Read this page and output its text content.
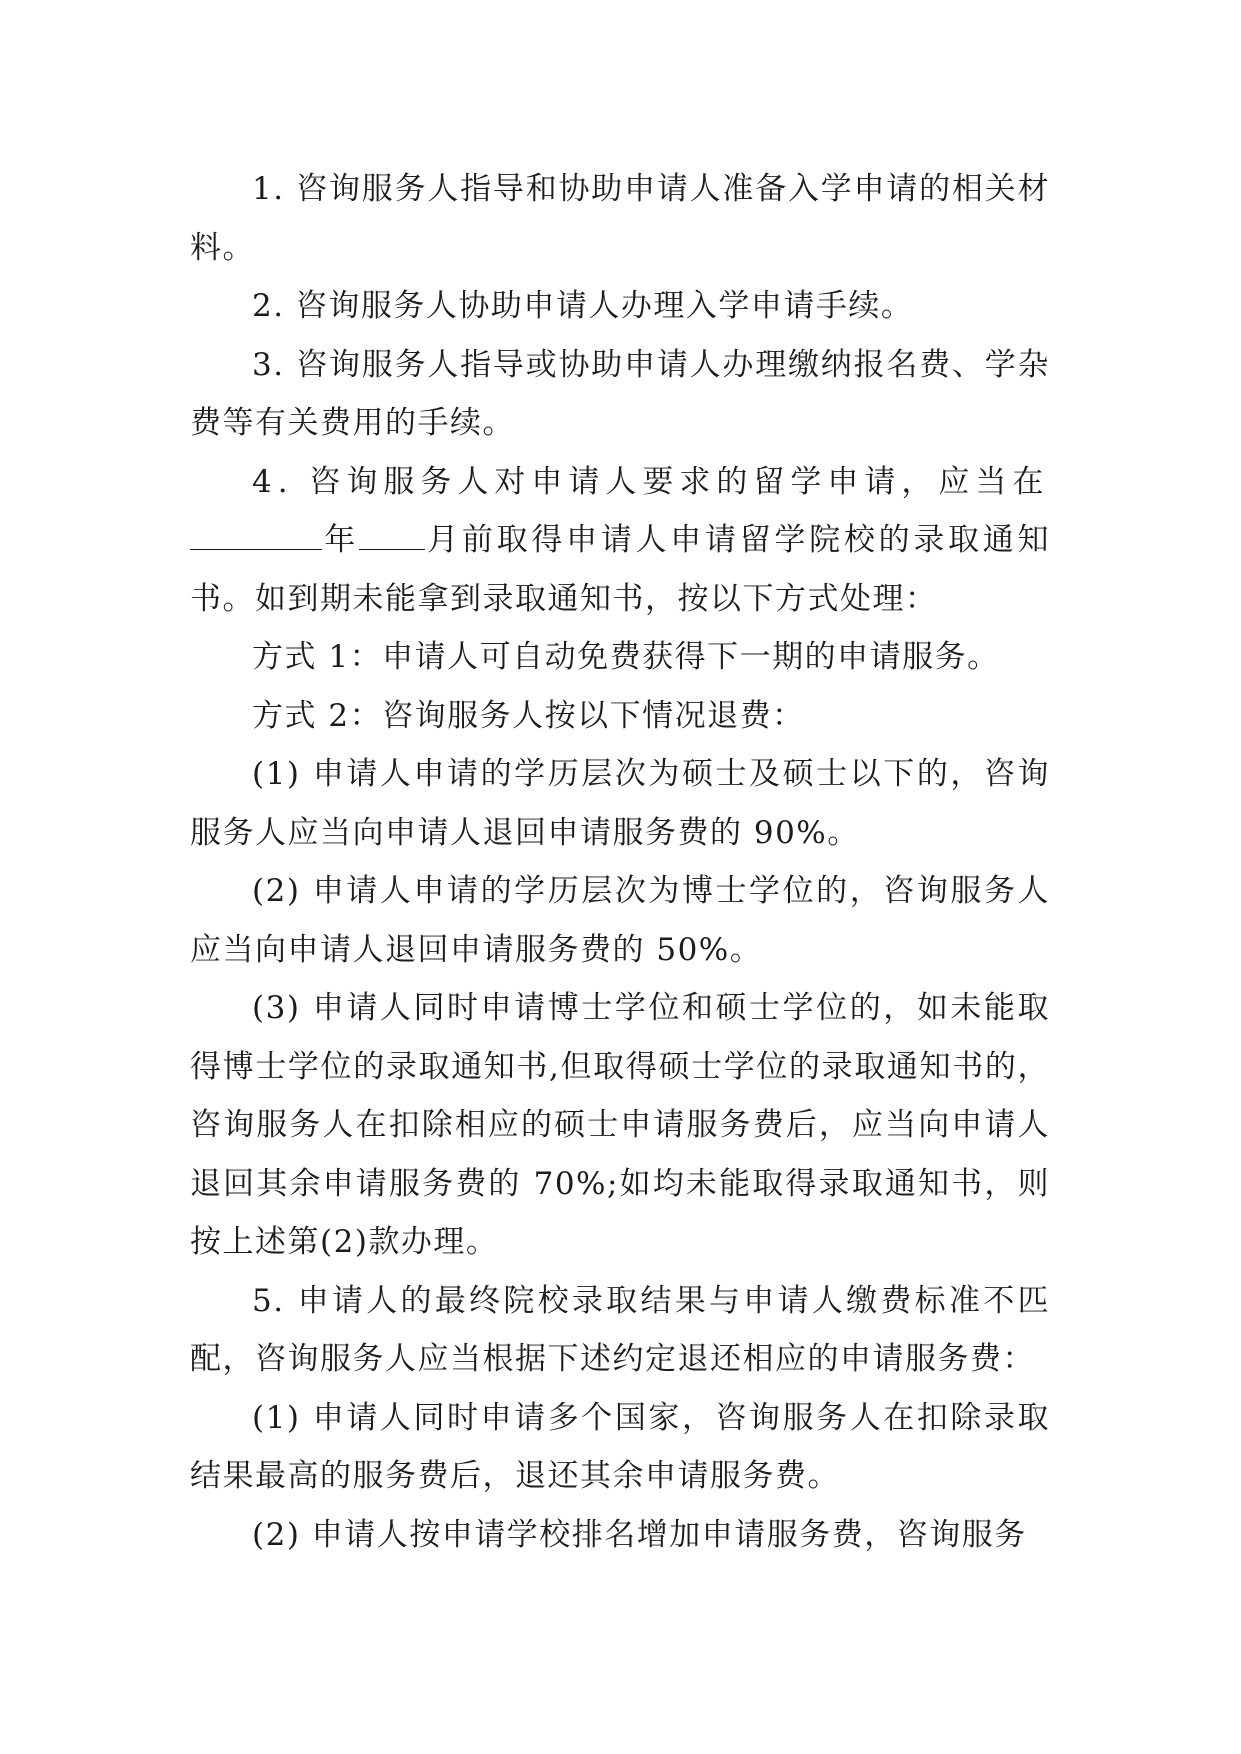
1. 咨询服务人指导和协助申请人准备入学申请的相关材料。

2. 咨询服务人协助申请人办理入学申请手续。

3. 咨询服务人指导或协助申请人办理缴纳报名费、学杂费等有关费用的手续。

4. 咨询服务人对申请人要求的留学申请，应当在

年 月前取得申请人申请留学院校的录取通知书。如到期未能拿到录取通知书，按以下方式处理：

方式 1：申请人可自动免费获得下一期的申请服务。

方式 2：咨询服务人按以下情况退费：

(1) 申请人申请的学历层次为硕士及硕士以下的，咨询服务人应当向申请人退回申请服务费的 90%。

(2) 申请人申请的学历层次为博士学位的，咨询服务人应当向申请人退回申请服务费的 50%。

(3) 申请人同时申请博士学位和硕士学位的，如未能取得博士学位的录取通知书,但取得硕士学位的录取通知书的，咨询服务人在扣除相应的硕士申请服务费后，应当向申请人退回其余申请服务费的 70%;如均未能取得录取通知书，则按上述第(2)款办理。

5. 申请人的最终院校录取结果与申请人缴费标准不匹配，咨询服务人应当根据下述约定退还相应的申请服务费：

(1) 申请人同时申请多个国家，咨询服务人在扣除录取结果最高的服务费后，退还其余申请服务费。

(2) 申请人按申请学校排名增加申请服务费，咨询服务
